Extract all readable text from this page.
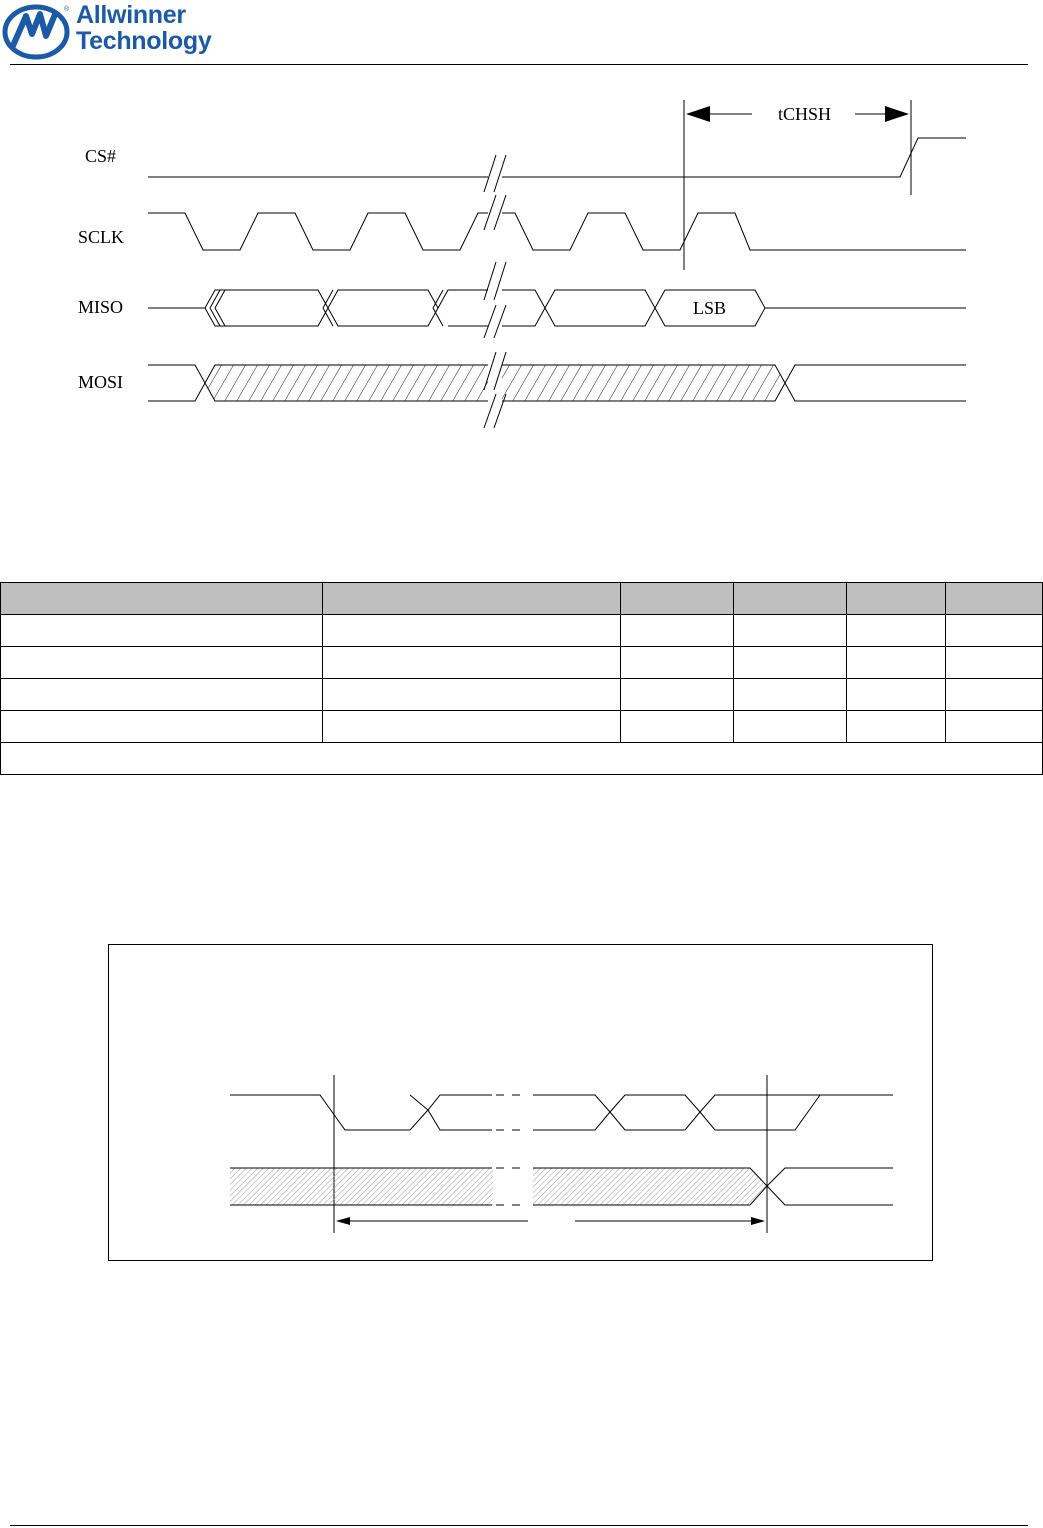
® Allwinner
Technology
CS#
SCLK
MISO
MOSI
tCHSH
LSB
